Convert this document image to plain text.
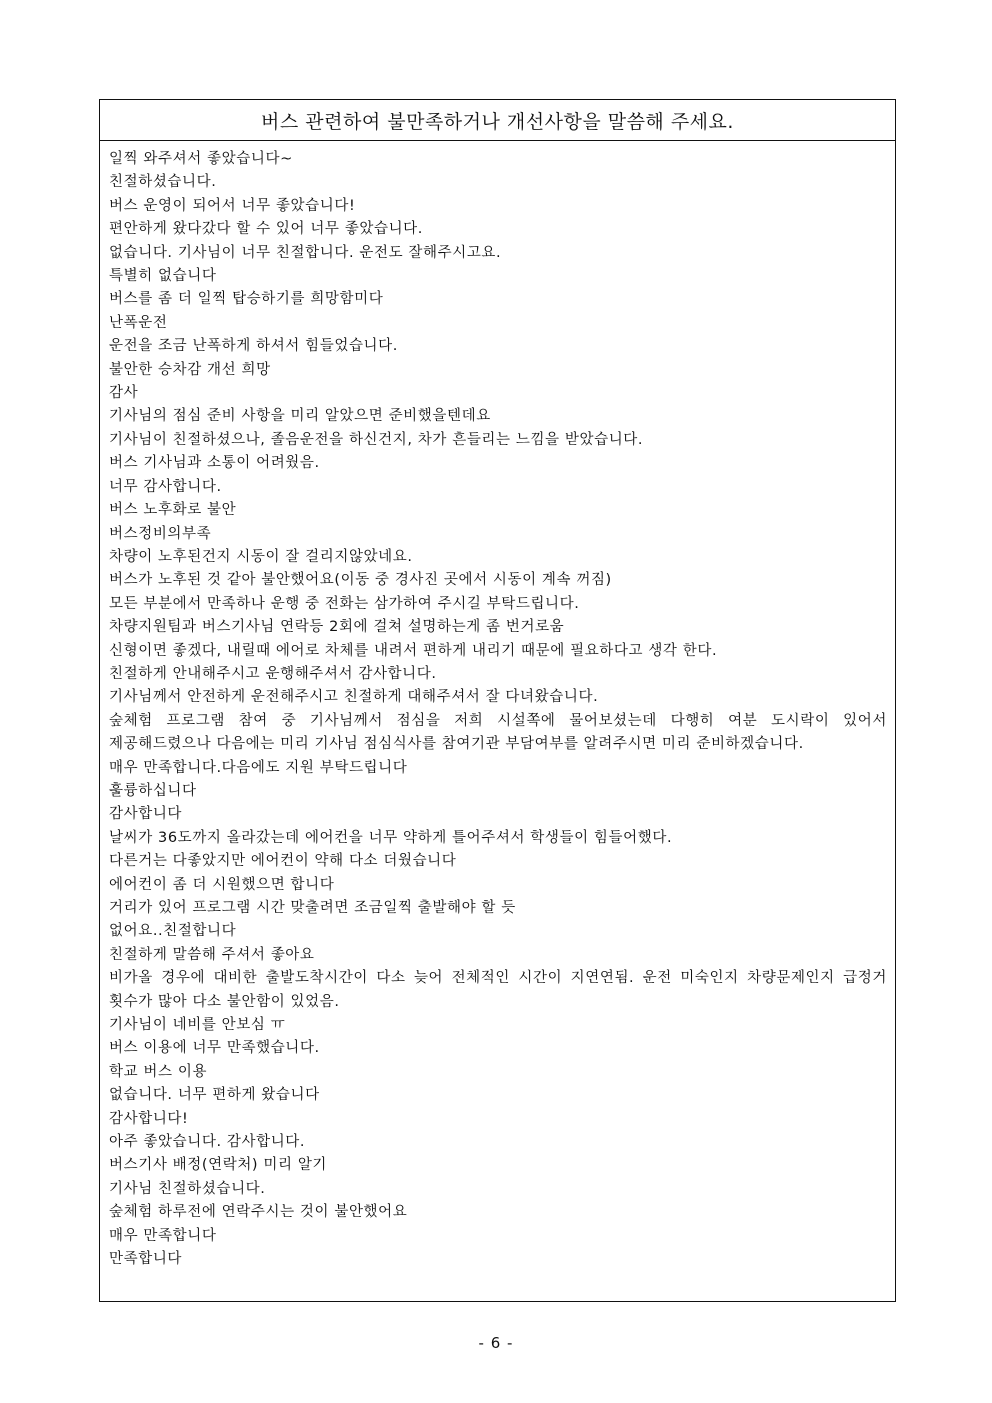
버스 관련하여 불만족하거나 개선사항을 말씀해 주세요.
일찍 와주셔서 좋았습니다~
친절하셨습니다.
버스 운영이 되어서 너무 좋았습니다!
편안하게 왔다갔다 할 수 있어 너무 좋았습니다.
없습니다. 기사님이 너무 친절합니다. 운전도 잘해주시고요.
특별히 없습니다
버스를 좀 더 일찍 탑승하기를 희망함미다
난폭운전
운전을 조금 난폭하게 하셔서 힘들었습니다.
불안한 승차감 개선 희망
감사
기사님의 점심 준비 사항을 미리 알았으면 준비했을텐데요
기사님이 친절하셨으나, 졸음운전을 하신건지, 차가 흔들리는 느낌을 받았습니다.
버스 기사님과 소통이 어려웠음.
너무 감사합니다.
버스 노후화로 불안
버스정비의부족
차량이 노후된건지 시동이 잘 걸리지않았네요.
버스가 노후된 것 같아 불안했어요(이동 중 경사진 곳에서 시동이 계속 꺼짐)
모든 부분에서 만족하나 운행 중 전화는 삼가하여 주시길 부탁드립니다.
차량지원팀과 버스기사님 연락등 2회에 걸쳐 설명하는게 좀 번거로움
신형이면 좋겠다, 내릴때 에어로 차체를 내려서 편하게 내리기 때문에 필요하다고 생각 한다.
친절하게 안내해주시고 운행해주셔서 감사합니다.
기사님께서 안전하게 운전해주시고 친절하게 대해주셔서 잘 다녀왔습니다.
숲체험 프로그램 참여 중 기사님께서 점심을 저희 시설쪽에 물어보셨는데 다행히 여분 도시락이 있어서 제공해드렸으나 다음에는 미리 기사님 점심식사를 참여기관 부담여부를 알려주시면 미리 준비하겠습니다.
매우 만족합니다.다음에도 지원 부탁드립니다
훌륭하십니다
감사합니다
날씨가 36도까지 올라갔는데 에어컨을 너무 약하게 틀어주셔서 학생들이 힘들어했다.
다른거는 다좋았지만 에어컨이 약해 다소 더웠습니다
에어컨이 좀 더 시원했으면 합니다
거리가 있어 프로그램 시간 맞출려면 조금일찍 출발해야 할 듯
없어요..친절합니다
친절하게 말씀해 주셔서 좋아요
비가올 경우에 대비한 출발도착시간이 다소 늦어 전체적인 시간이 지연연됨. 운전 미숙인지 차량문제인지 급정거 횟수가 많아 다소 불안함이 있었음.
기사님이 네비를 안보심 ㅠ
버스 이용에 너무 만족했습니다.
학교 버스 이용
없습니다. 너무 편하게 왔습니다
감사합니다!
아주 좋았습니다. 감사합니다.
버스기사 배정(연락처) 미리 알기
기사님 친절하셨습니다.
숲체험 하루전에 연락주시는 것이 불안했어요
매우 만족합니다
만족합니다
- 6 -
